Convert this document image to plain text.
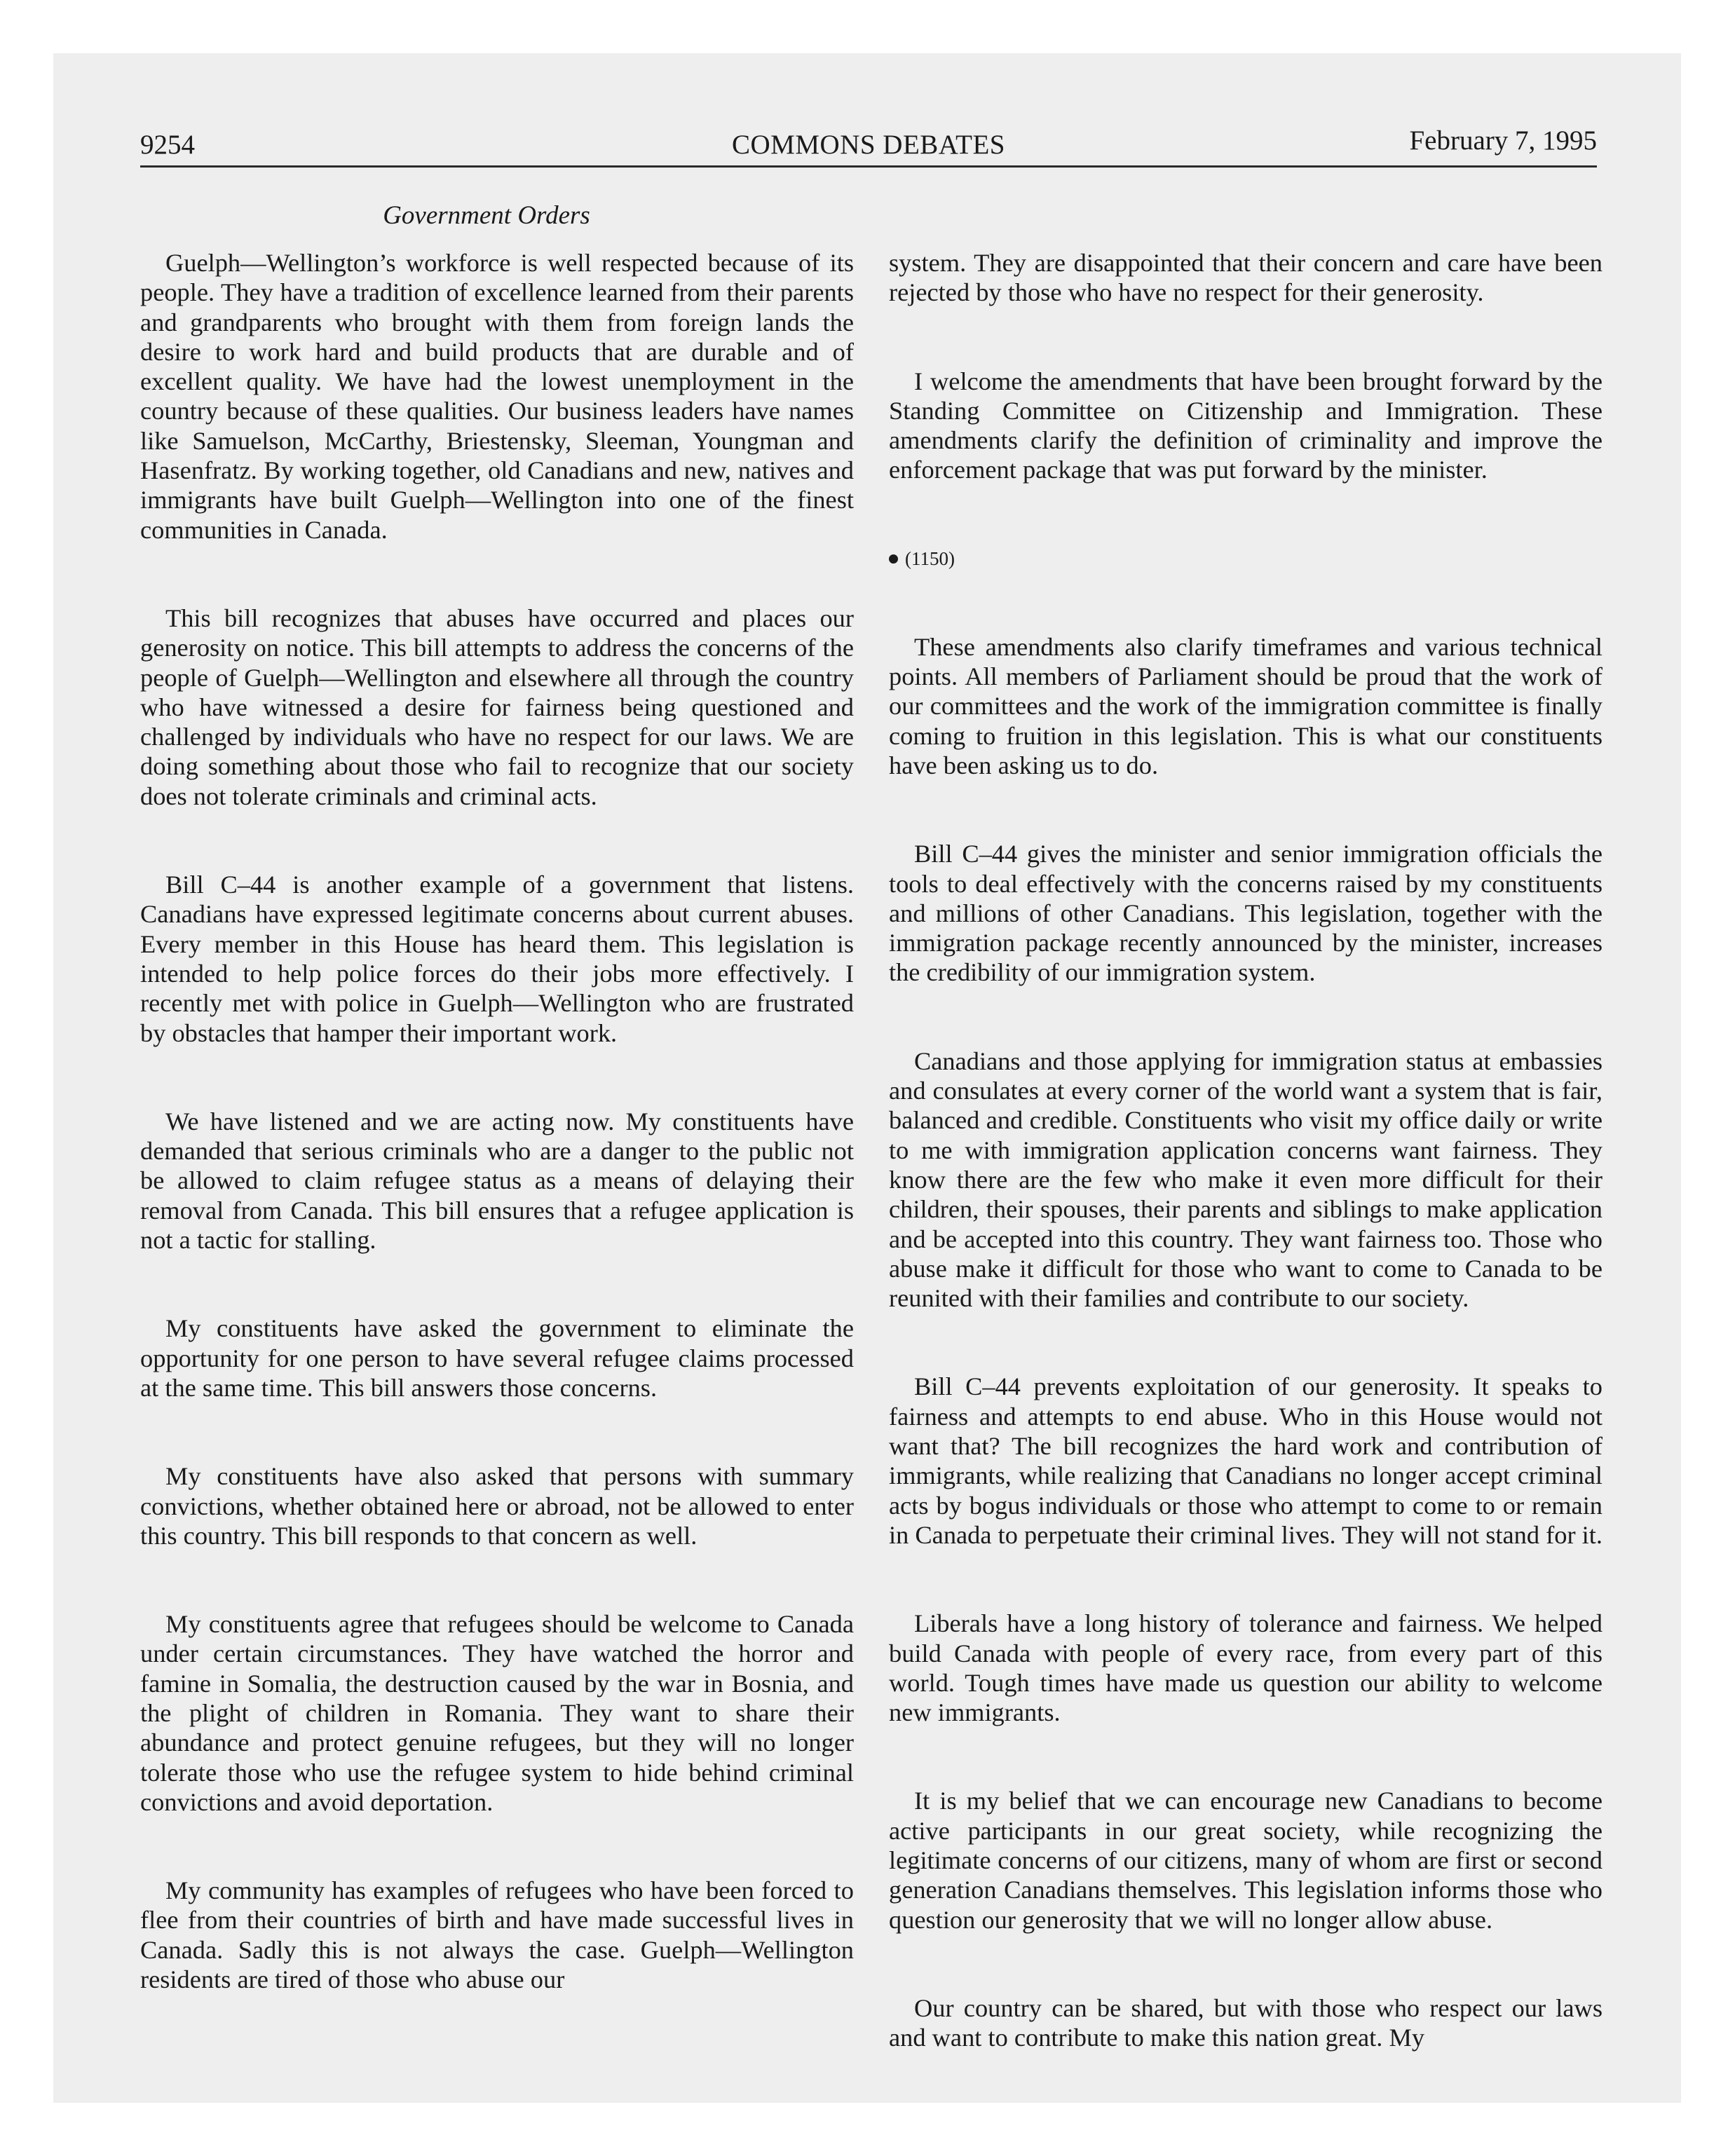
9254	COMMONS DEBATES	February 7, 1995
Government Orders

Guelph—Wellington’s workforce is well respected because of its people. They have a tradition of excellence learned from their parents and grandparents who brought with them from foreign lands the desire to work hard and build products that are durable and of excellent quality. We have had the lowest unemployment in the country because of these qualities. Our business leaders have names like Samuelson, McCarthy, Briestensky, Sleeman, Youngman and Hasenfratz. By working together, old Canadians and new, natives and immigrants have built Guelph—Wellington into one of the finest communities in Canada.

This bill recognizes that abuses have occurred and places our generosity on notice. This bill attempts to address the concerns of the people of Guelph—Wellington and elsewhere all through the country who have witnessed a desire for fairness being questioned and challenged by individuals who have no respect for our laws. We are doing something about those who fail to recognize that our society does not tolerate criminals and criminal acts.

Bill C–44 is another example of a government that listens. Canadians have expressed legitimate concerns about current abuses. Every member in this House has heard them. This legislation is intended to help police forces do their jobs more effectively. I recently met with police in Guelph—Wellington who are frustrated by obstacles that hamper their important work.

We have listened and we are acting now. My constituents have demanded that serious criminals who are a danger to the public not be allowed to claim refugee status as a means of delaying their removal from Canada. This bill ensures that a refugee application is not a tactic for stalling.

My constituents have asked the government to eliminate the opportunity for one person to have several refugee claims processed at the same time. This bill answers those concerns.

My constituents have also asked that persons with summary convictions, whether obtained here or abroad, not be allowed to enter this country. This bill responds to that concern as well.

My constituents agree that refugees should be welcome to Canada under certain circumstances. They have watched the horror and famine in Somalia, the destruction caused by the war in Bosnia, and the plight of children in Romania. They want to share their abundance and protect genuine refugees, but they will no longer tolerate those who use the refugee system to hide behind criminal convictions and avoid deportation.

My community has examples of refugees who have been forced to flee from their countries of birth and have made successful lives in Canada. Sadly this is not always the case. Guelph—Wellington residents are tired of those who abuse our

system. They are disappointed that their concern and care have been rejected by those who have no respect for their generosity.

I welcome the amendments that have been brought forward by the Standing Committee on Citizenship and Immigration. These amendments clarify the definition of criminality and improve the enforcement package that was put forward by the minister.

(1150)

These amendments also clarify timeframes and various technical points. All members of Parliament should be proud that the work of our committees and the work of the immigration committee is finally coming to fruition in this legislation. This is what our constituents have been asking us to do.

Bill C–44 gives the minister and senior immigration officials the tools to deal effectively with the concerns raised by my constituents and millions of other Canadians. This legislation, together with the immigration package recently announced by the minister, increases the credibility of our immigration system.

Canadians and those applying for immigration status at embassies and consulates at every corner of the world want a system that is fair, balanced and credible. Constituents who visit my office daily or write to me with immigration application concerns want fairness. They know there are the few who make it even more difficult for their children, their spouses, their parents and siblings to make application and be accepted into this country. They want fairness too. Those who abuse make it difficult for those who want to come to Canada to be reunited with their families and contribute to our society.

Bill C–44 prevents exploitation of our generosity. It speaks to fairness and attempts to end abuse. Who in this House would not want that? The bill recognizes the hard work and contribution of immigrants, while realizing that Canadians no longer accept criminal acts by bogus individuals or those who attempt to come to or remain in Canada to perpetuate their criminal lives. They will not stand for it.

Liberals have a long history of tolerance and fairness. We helped build Canada with people of every race, from every part of this world. Tough times have made us question our ability to welcome new immigrants.

It is my belief that we can encourage new Canadians to become active participants in our great society, while recognizing the legitimate concerns of our citizens, many of whom are first or second generation Canadians themselves. This legislation informs those who question our generosity that we will no longer allow abuse.

Our country can be shared, but with those who respect our laws and want to contribute to make this nation great. My
